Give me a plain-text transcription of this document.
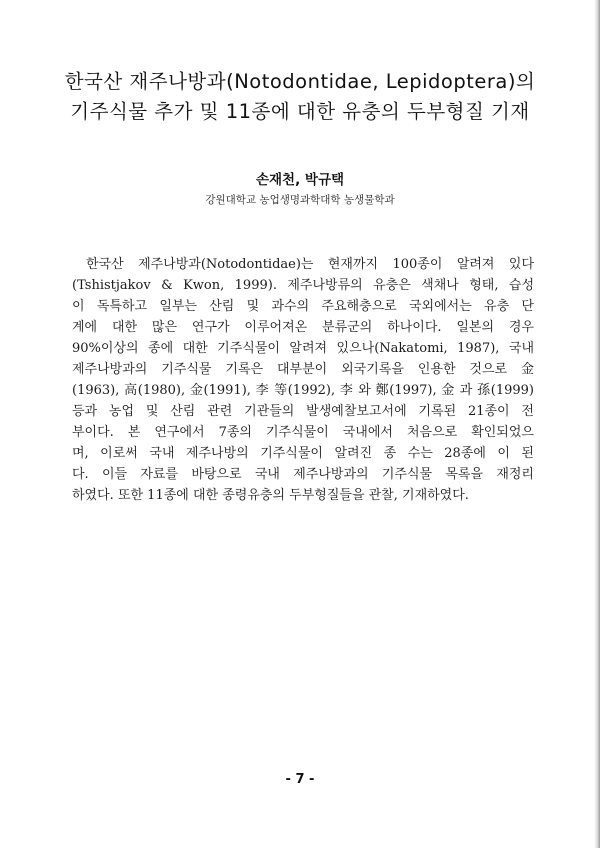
한국산 재주나방과(Notodontidae, Lepidoptera)의
기주식물 추가 및 11종에 대한 유충의 두부형질 기재
손재천, 박규택
강원대학교 농업생명과학대학 농생물학과
한국산 제주나방과(Notodontidae)는 현재까지 100종이 알려져 있다
(Tshistjakov & Kwon, 1999). 제주나방류의 유충은 색채나 형태, 습성
이 독특하고 일부는 산림 및 과수의 주요해충으로 국외에서는 유충 단
계에 대한 많은 연구가 이루어져온 분류군의 하나이다. 일본의 경우
90%이상의 종에 대한 기주식물이 알려져 있으나(Nakatomi, 1987), 국내
제주나방과의 기주식물 기록은 대부분이 외국기록을 인용한 것으로 金
(1963), 高(1980), 金(1991), 李 等(1992), 李 와 鄭(1997), 金 과 孫(1999)
등과 농업 및 산림 관련 기관들의 발생예찰보고서에 기록된 21종이 전
부이다. 본 연구에서 7종의 기주식물이 국내에서 처음으로 확인되었으
며, 이로써 국내 제주나방의 기주식물이 알려진 종 수는 28종에 이 된
다. 이들 자료를 바탕으로 국내 제주나방과의 기주식물 목록을 재정리
하였다. 또한 11종에 대한 종령유충의 두부형질들을 관찰, 기재하였다.
- 7 -
